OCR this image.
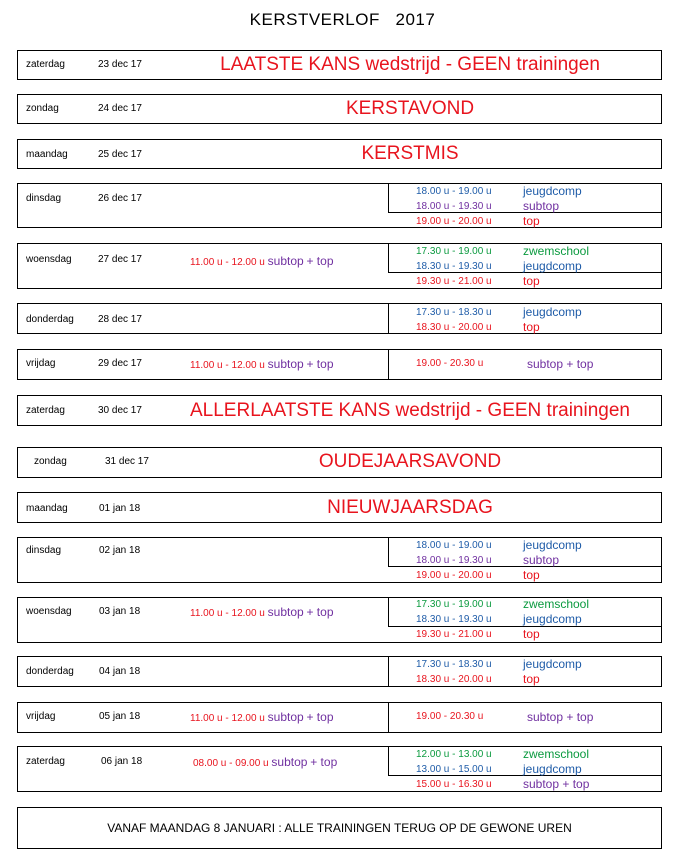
KERSTVERLOF   2017
zaterdag	23 dec 17	LAATSTE KANS wedstrijd - GEEN trainingen
zondag	24 dec 17	KERSTAVOND
maandag	25 dec 17	KERSTMIS
dinsdag	26 dec 17
18.00 u - 19.00 u	jeugdcomp
18.00 u - 19.30 u	subtop
19.00 u - 20.00 u	top
woensdag	27 dec 17	11.00 u - 12.00 u subtop + top
17.30 u - 19.00 u	zwemschool
18.30 u - 19.30 u	jeugdcomp
19.30 u - 21.00 u	top
donderdag 28 dec 17
17.30 u - 18.30 u	jeugdcomp
18.30 u - 20.00 u	top
vrijdag	29 dec 17	11.00 u - 12.00 u subtop + top	19.00 - 20.30 u	subtop + top
zaterdag	30 dec 17	ALLERLAATSTE KANS wedstrijd - GEEN trainingen
zondag	31 dec 17	OUDEJAARSAVOND
maandag	01 jan 18	NIEUWJAARSDAG
dinsdag	02 jan 18	18.00 u - 19.00 u	jeugdcomp
18.00 u - 19.30 u	subtop
19.00 u - 20.00 u	top
woensdag	03 jan 18	11.00 u - 12.00 u subtop + top
17.30 u - 19.00 u	zwemschool
18.30 u - 19.30 u	jeugdcomp
19.30 u - 21.00 u	top
donderdag	04 jan 18
17.30 u - 18.30 u	jeugdcomp
18.30 u - 20.00 u	top
vrijdag	05 jan 18	11.00 u - 12.00 u subtop + top	19.00 - 20.30 u	subtop + top
zaterdag	06 jan 18	08.00 u - 09.00 u subtop + top
12.00 u - 13.00 u	zwemschool
13.00 u - 15.00 u	jeugdcomp
15.00 u - 16.30 u	subtop + top
VANAF MAANDAG 8 JANUARI : ALLE TRAININGEN TERUG OP DE GEWONE UREN
